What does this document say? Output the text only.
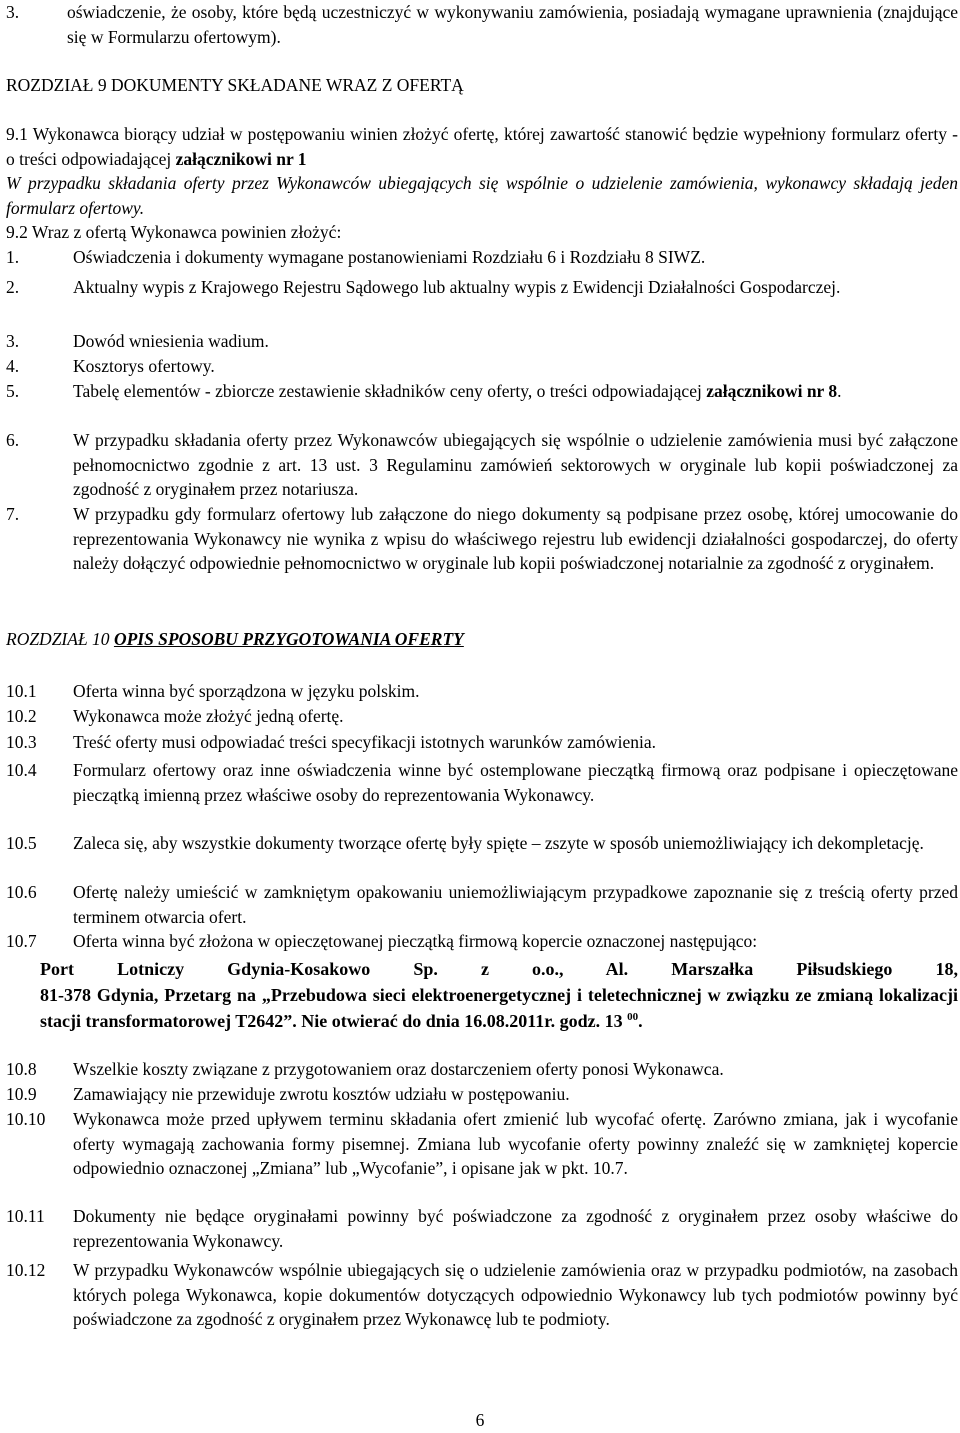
3.	oświadczenie, że osoby, które będą uczestniczyć w wykonywaniu zamówienia, posiadają wymagane uprawnienia (znajdujące się w Formularzu ofertowym).
ROZDZIAŁ 9 DOKUMENTY SKŁADANE WRAZ Z OFERTĄ
9.1 Wykonawca biorący udział w postępowaniu winien złożyć ofertę, której zawartość stanowić będzie wypełniony formularz oferty - o treści odpowiadającej załącznikowi nr 1
W przypadku składania oferty przez Wykonawców ubiegających się wspólnie o udzielenie zamówienia, wykonawcy składają jeden formularz ofertowy.
9.2 Wraz z ofertą Wykonawca powinien złożyć:
1.	Oświadczenia i dokumenty wymagane postanowieniami Rozdziału 6 i Rozdziału 8 SIWZ.
2.	Aktualny wypis z Krajowego Rejestru Sądowego lub aktualny wypis z Ewidencji Działalności Gospodarczej.
3.	Dowód wniesienia wadium.
4.	Kosztorys ofertowy.
5.	Tabelę elementów - zbiorcze zestawienie składników ceny oferty, o treści odpowiadającej załącznikowi nr 8.
6.	W przypadku składania oferty przez Wykonawców ubiegających się wspólnie o udzielenie zamówienia musi być załączone pełnomocnictwo zgodnie z art. 13 ust. 3 Regulaminu zamówień sektorowych w oryginale lub kopii poświadczonej za zgodność z oryginałem przez notariusza.
7.	W przypadku gdy formularz ofertowy lub załączone do niego dokumenty są podpisane przez osobę, której umocowanie do reprezentowania Wykonawcy nie wynika z wpisu do właściwego rejestru lub ewidencji działalności gospodarczej, do oferty należy dołączyć odpowiednie pełnomocnictwo w oryginale lub kopii poświadczonej notarialnie za zgodność z oryginałem.
ROZDZIAŁ 10 OPIS SPOSOBU PRZYGOTOWANIA OFERTY
10.1 Oferta winna być sporządzona w języku polskim.
10.2 Wykonawca może złożyć jedną ofertę.
10.3 Treść oferty musi odpowiadać treści specyfikacji istotnych warunków zamówienia.
10.4 Formularz ofertowy oraz inne oświadczenia winne być ostemplowane pieczątką firmową oraz podpisane i opieczętowane pieczątką imienną przez właściwe osoby do reprezentowania Wykonawcy.
10.5 Zaleca się, aby wszystkie dokumenty tworzące ofertę były spięte – zszyte w sposób uniemożliwiający ich dekompletację.
10.6 Ofertę należy umieścić w zamkniętym opakowaniu uniemożliwiającym przypadkowe zapoznanie się z treścią oferty przed terminem otwarcia ofert.
10.7 Oferta winna być złożona w opieczętowanej pieczątką firmową kopercie oznaczonej następująco:
Port Lotniczy Gdynia-Kosakowo Sp. z o.o., Al. Marszałka Piłsudskiego 18,
81-378 Gdynia, Przetarg na „Przebudowa sieci elektroenergetycznej i teletechnicznej w związku ze zmianą lokalizacji stacji transformatorowej T2642”. Nie otwierać do dnia 16.08.2011r. godz. 13 $^{00}$.
10.8 Wszelkie koszty związane z przygotowaniem oraz dostarczeniem oferty ponosi Wykonawca.
10.9 Zamawiający nie przewiduje zwrotu kosztów udziału w postępowaniu.
10.10 Wykonawca może przed upływem terminu składania ofert zmienić lub wycofać ofertę. Zarówno zmiana, jak i wycofanie oferty wymagają zachowania formy pisemnej. Zmiana lub wycofanie oferty powinny znaleźć się w zamkniętej kopercie odpowiednio oznaczonej „Zmiana” lub „Wycofanie”, i opisane jak w pkt. 10.7.
10.11 Dokumenty nie będące oryginałami powinny być poświadczone za zgodność z oryginałem przez osoby właściwe do reprezentowania Wykonawcy.
10.12 W przypadku Wykonawców wspólnie ubiegających się o udzielenie zamówienia oraz w przypadku podmiotów, na zasobach których polega Wykonawca, kopie dokumentów dotyczących odpowiednio Wykonawcy lub tych podmiotów powinny być poświadczone za zgodność z oryginałem przez Wykonawcę lub te podmioty.
6
